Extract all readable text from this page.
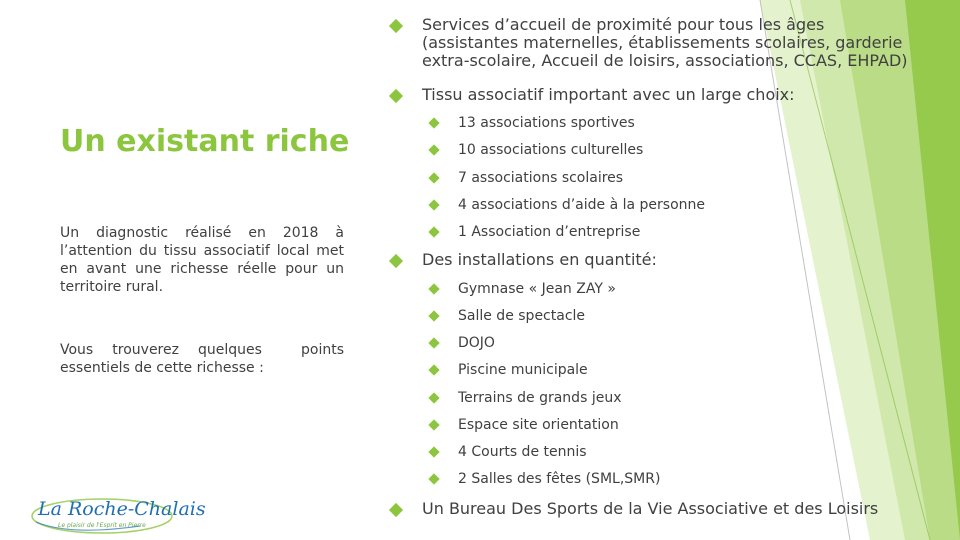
Un existant riche
Un diagnostic réalisé en 2018 à l’attention du tissu associatif local met en avant une richesse réelle pour un territoire rural.
Vous trouverez quelques	points
essentiels de cette richesse :
Services d’accueil de proximité pour tous les âges
(assistantes maternelles, établissements scolaires, garderie
extra-scolaire, Accueil de loisirs, associations, CCAS, EHPAD)
Tissu associatif important avec un large choix:
13 associations sportives
10 associations culturelles
7 associations scolaires
4 associations d’aide à la personne
1 Association d’entreprise
Des installations en quantité:
Gymnase « Jean ZAY »
Salle de spectacle
DOJO
Piscine municipale
Terrains de grands jeux
Espace site orientation
4 Courts de tennis
2 Salles des fêtes (SML,SMR)
Un Bureau Des Sports de la Vie Associative et des Loisirs
La Roche-Chalais
Le plaisir de l'Esprit en Pierre
